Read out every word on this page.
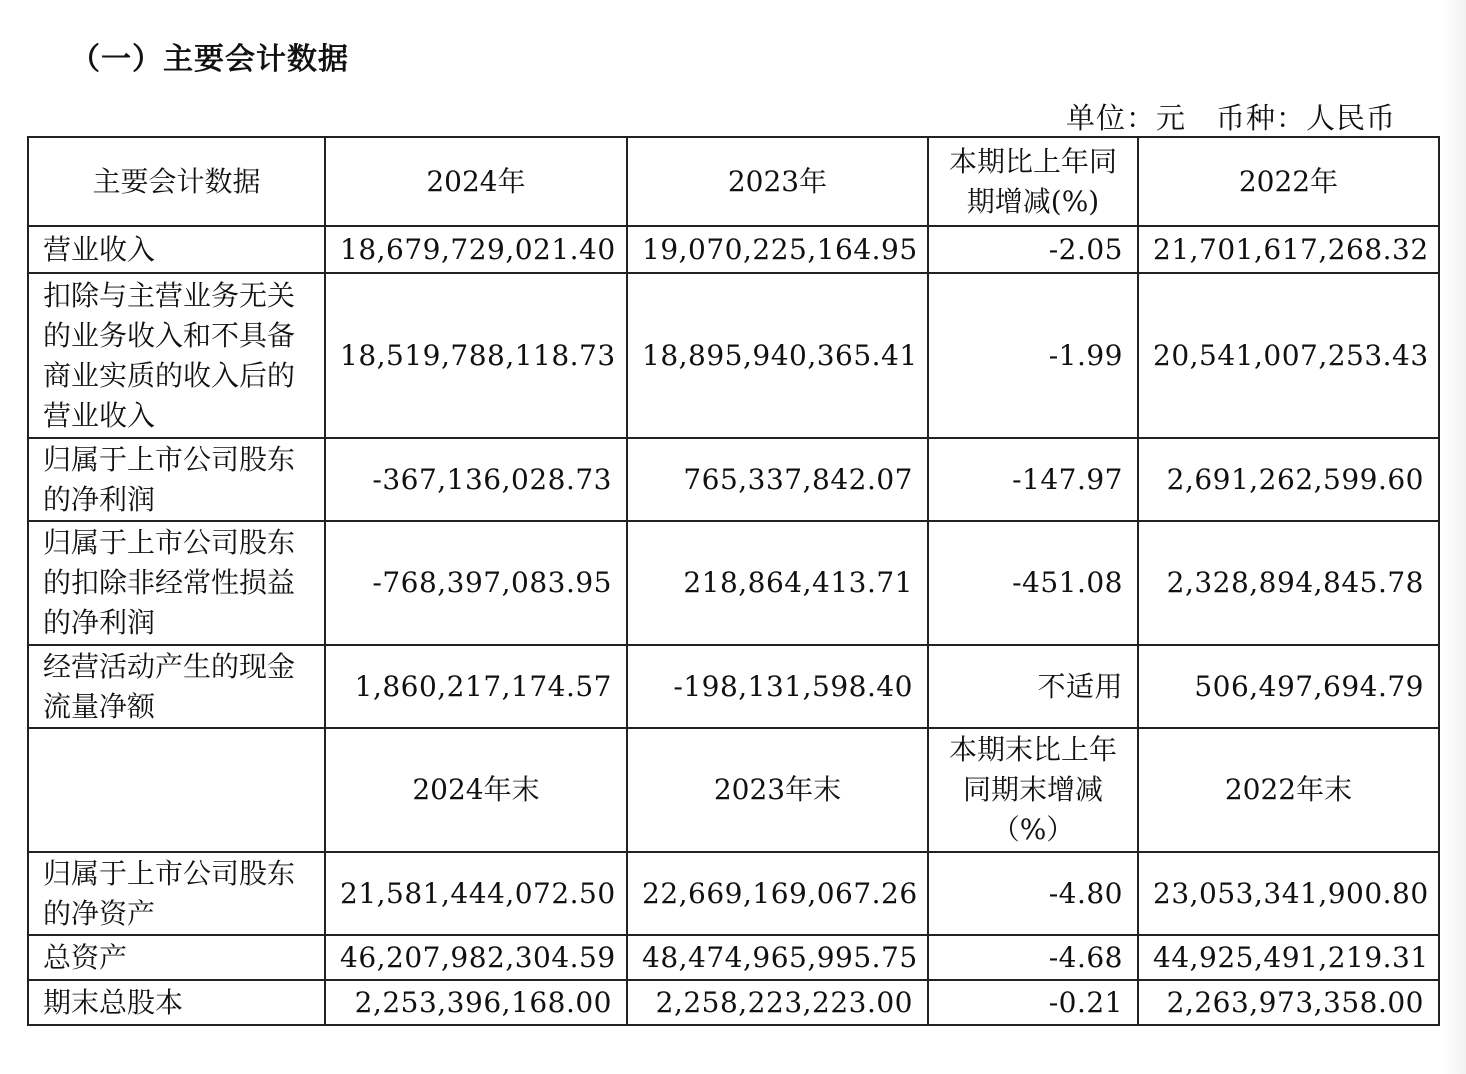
（一）主要会计数据
单位：元 币种：人民币
主要会计数据	2024年	2023年	本期比上年同期增减(%)	2022年
营业收入	18,679,729,021.40	19,070,225,164.95	-2.05	21,701,617,268.32
扣除与主营业务无关的业务收入和不具备商业实质的收入后的营业收入	18,519,788,118.73	18,895,940,365.41	-1.99	20,541,007,253.43
归属于上市公司股东的净利润	-367,136,028.73	765,337,842.07	-147.97	2,691,262,599.60
归属于上市公司股东的扣除非经常性损益的净利润	-768,397,083.95	218,864,413.71	-451.08	2,328,894,845.78
经营活动产生的现金流量净额	1,860,217,174.57	-198,131,598.40	不适用	506,497,694.79
	2024年末	2023年末	本期末比上年同期末增减（%）	2022年末
归属于上市公司股东的净资产	21,581,444,072.50	22,669,169,067.26	-4.80	23,053,341,900.80
总资产	46,207,982,304.59	48,474,965,995.75	-4.68	44,925,491,219.31
期末总股本	2,253,396,168.00	2,258,223,223.00	-0.21	2,263,973,358.00
